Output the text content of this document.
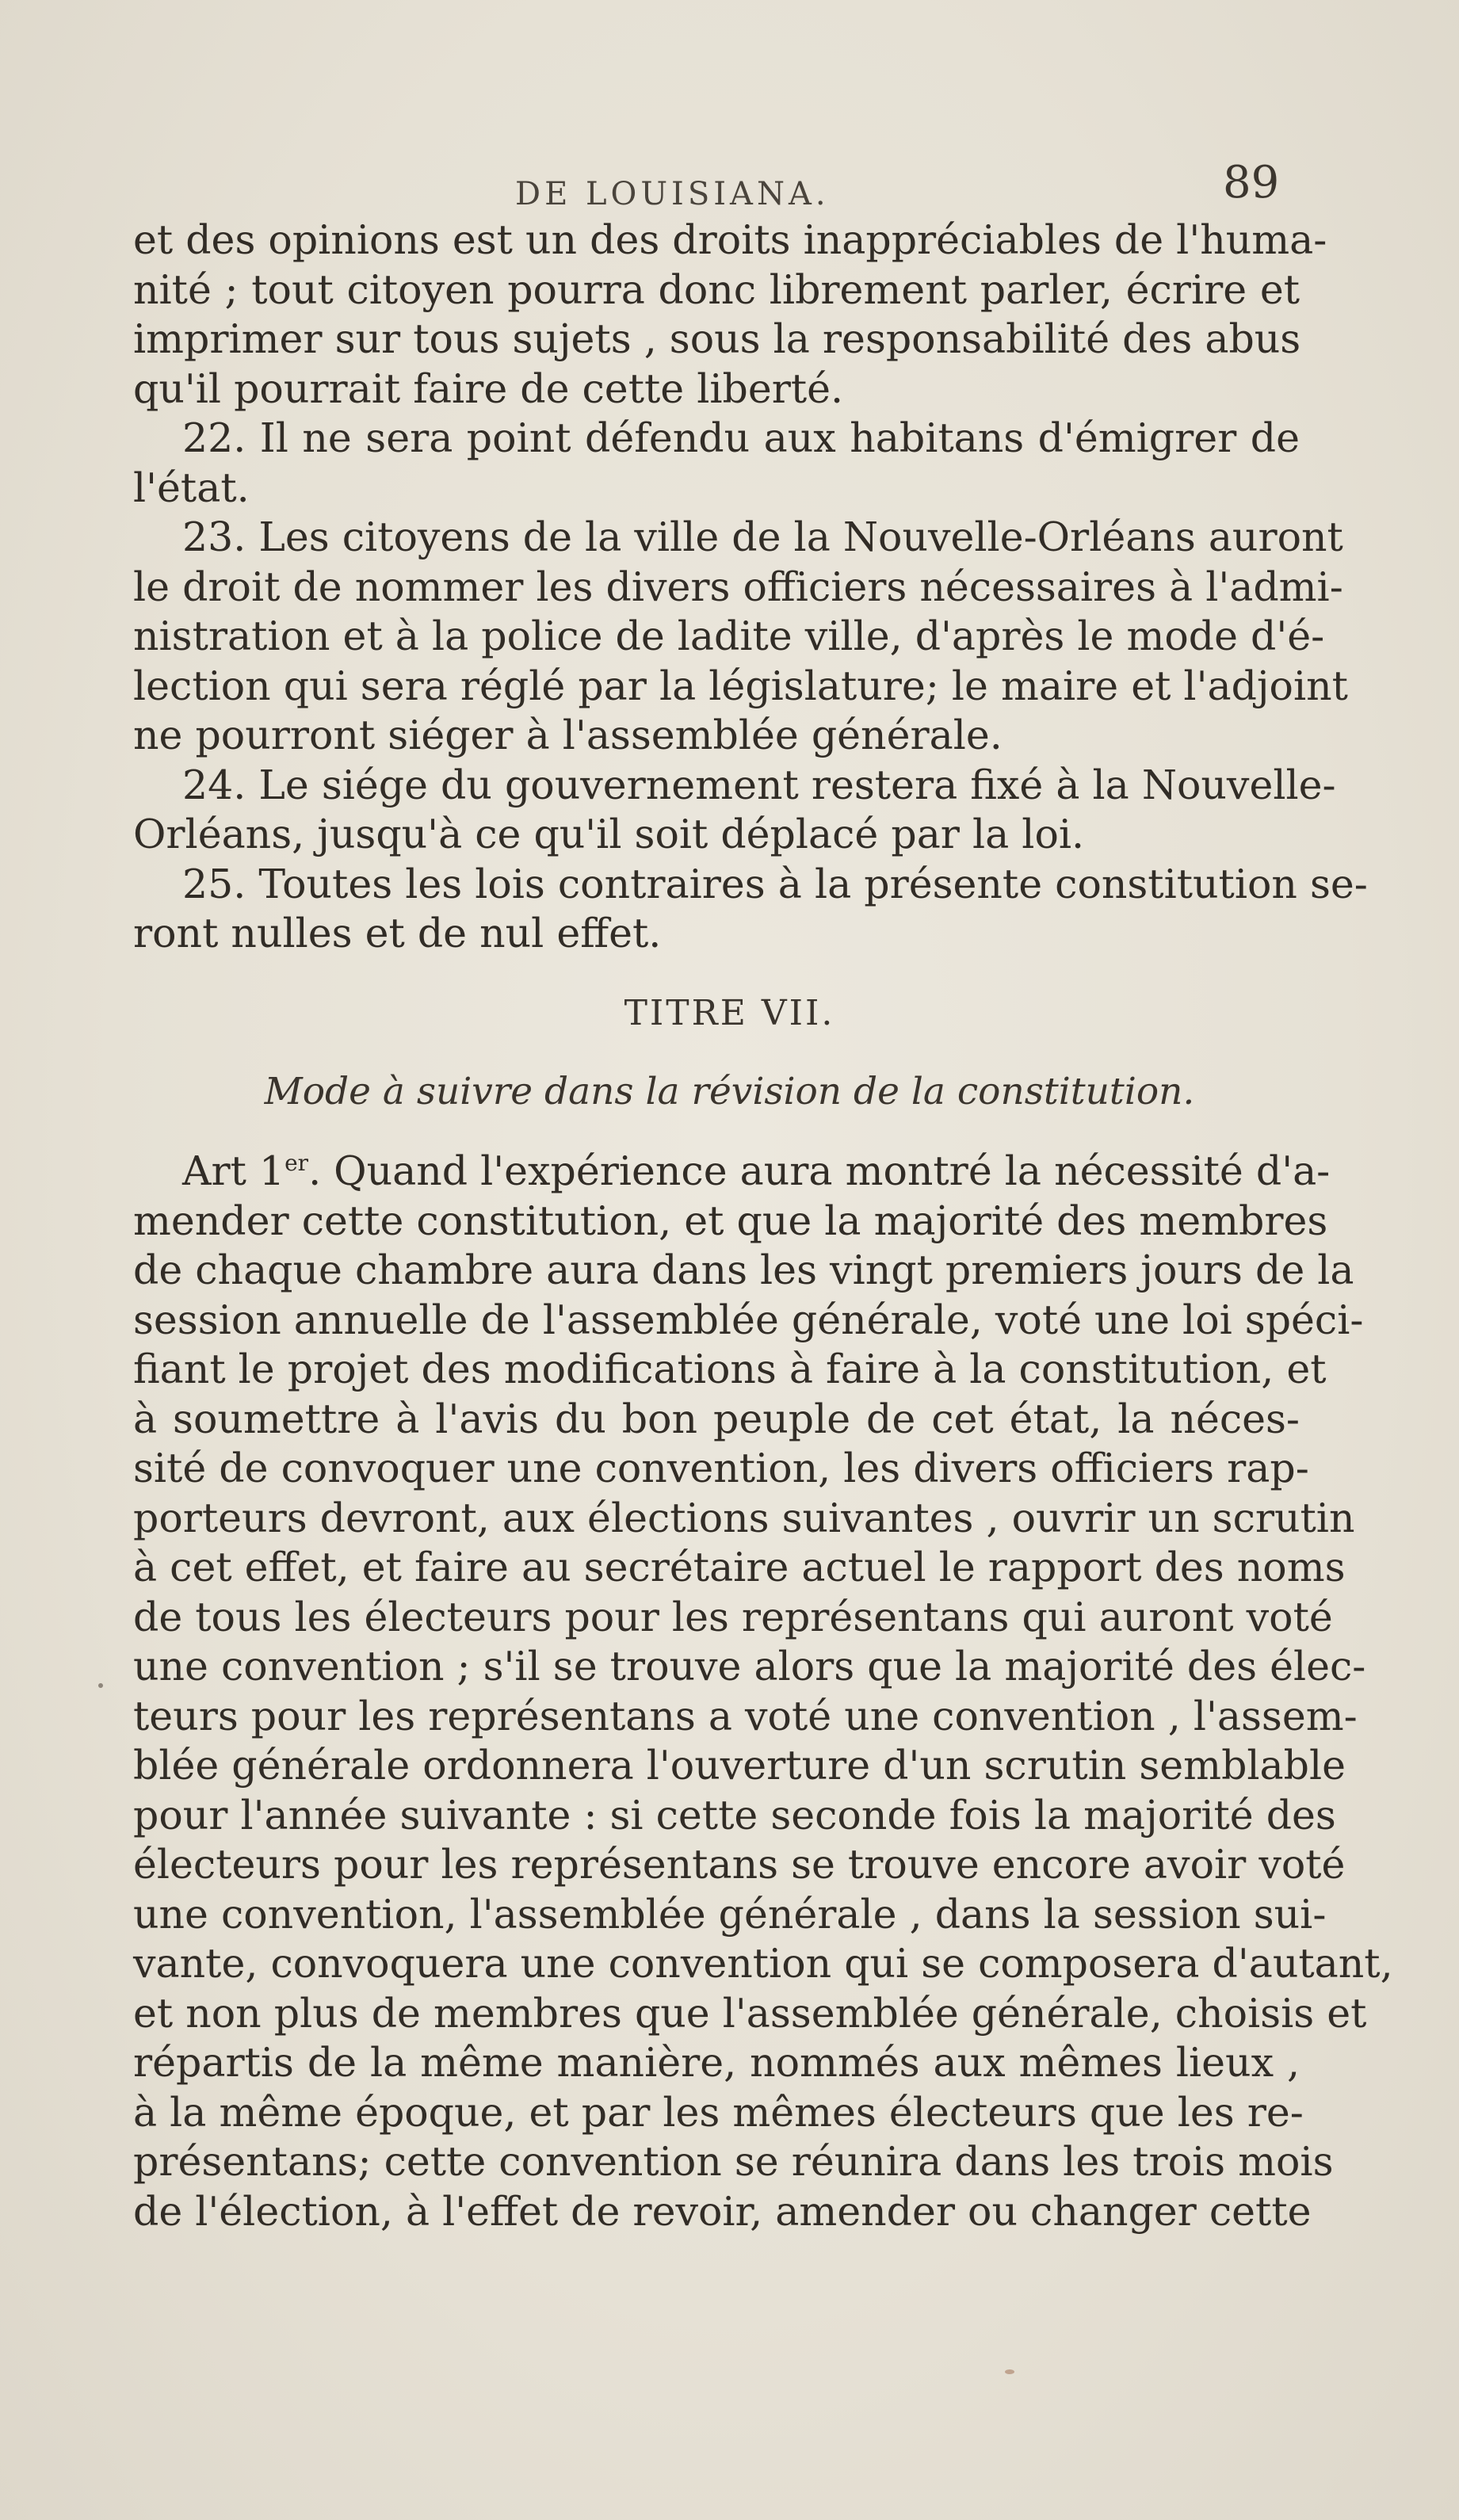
DE LOUISIANA.	89
et des opinions est un des droits inappréciables de l'huma-
nité ; tout citoyen pourra donc librement parler, écrire et
imprimer sur tous sujets , sous la responsabilité des abus
qu'il pourrait faire de cette liberté.
22. Il ne sera point défendu aux habitans d'émigrer de
l'état.
23. Les citoyens de la ville de la Nouvelle-Orléans auront
le droit de nommer les divers officiers nécessaires à l'admi-
nistration et à la police de ladite ville, d'après le mode d'é-
lection qui sera réglé par la législature; le maire et l'adjoint
ne pourront siéger à l'assemblée générale.
24. Le siége du gouvernement restera fixé à la Nouvelle-
Orléans, jusqu'à ce qu'il soit déplacé par la loi.
25. Toutes les lois contraires à la présente constitution se-
ront nulles et de nul effet.
TITRE VII.
Mode à suivre dans la révision de la constitution.
Art 1er. Quand l'expérience aura montré la nécessité d'a-
mender cette constitution, et que la majorité des membres
de chaque chambre aura dans les vingt premiers jours de la
session annuelle de l'assemblée générale, voté une loi spéci-
fiant le projet des modifications à faire à la constitution, et
à soumettre à l'avis du bon peuple de cet état, la néces-
sité de convoquer une convention, les divers officiers rap-
porteurs devront, aux élections suivantes , ouvrir un scrutin
à cet effet, et faire au secrétaire actuel le rapport des noms
de tous les électeurs pour les représentans qui auront voté
une convention ; s'il se trouve alors que la majorité des élec-
teurs pour les représentans a voté une convention , l'assem-
blée générale ordonnera l'ouverture d'un scrutin semblable
pour l'année suivante : si cette seconde fois la majorité des
électeurs pour les représentans se trouve encore avoir voté
une convention, l'assemblée générale , dans la session sui-
vante, convoquera une convention qui se composera d'autant,
et non plus de membres que l'assemblée générale, choisis et
répartis de la même manière, nommés aux mêmes lieux ,
à la même époque, et par les mêmes électeurs que les re-
présentans; cette convention se réunira dans les trois mois
de l'élection, à l'effet de revoir, amender ou changer cette
